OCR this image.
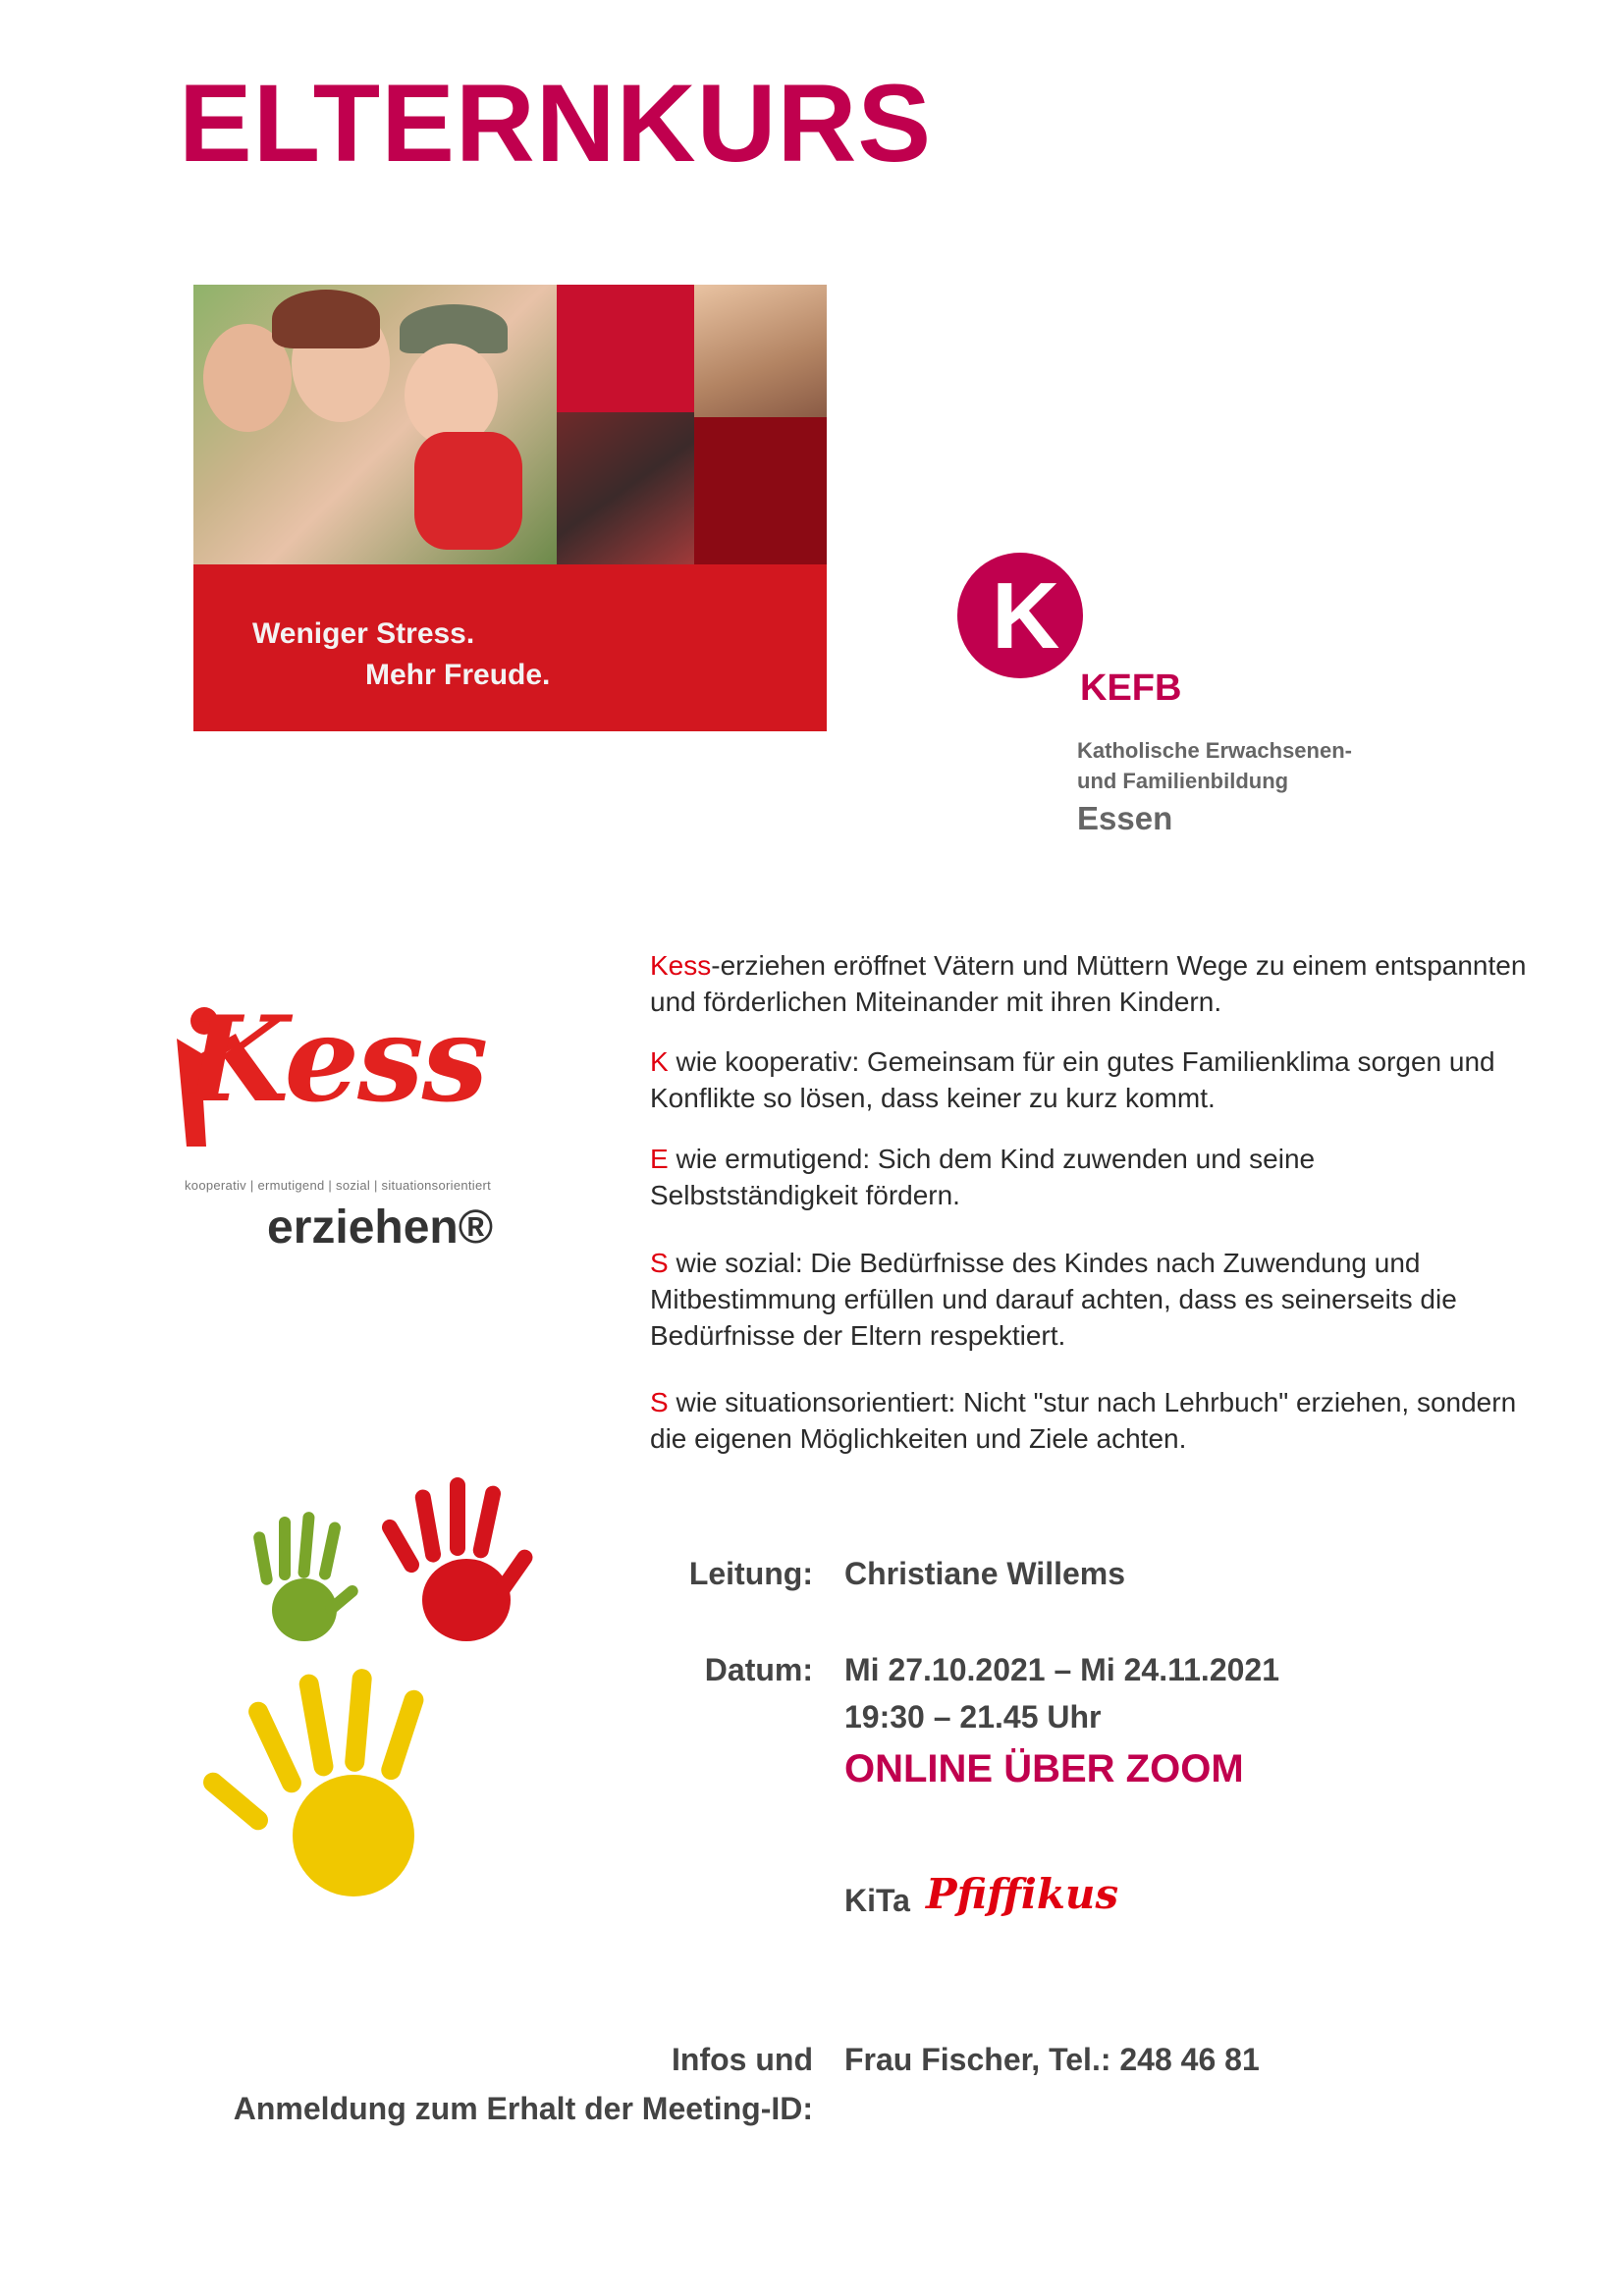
ELTERNKURS
Weniger Stress.
Mehr Freude.
K
KEFB
Katholische Erwachsenen-
und Familienbildung
Essen
Kess
kooperativ | ermutigend | sozial | situationsorientiert
erziehen®
Kess-erziehen eröffnet Vätern und Müttern Wege zu einem entspannten und förderlichen Miteinander mit ihren Kindern.
K wie kooperativ: Gemeinsam für ein gutes Familienklima sorgen und Konflikte so lösen, dass keiner zu kurz kommt.
E wie ermutigend: Sich dem Kind zuwenden und seine Selbstständigkeit fördern.
S wie sozial: Die Bedürfnisse des Kindes nach Zuwendung und Mitbestimmung erfüllen und darauf achten, dass es seinerseits die Bedürfnisse der Eltern respektiert.
S wie situationsorientiert: Nicht "stur nach Lehrbuch" erziehen, sondern die eigenen Möglichkeiten und Ziele achten.
Leitung: Christiane Willems
Datum: Mi 27.10.2021 – Mi 24.11.2021
19:30 – 21.45 Uhr
ONLINE ÜBER ZOOM
KiTa Pfiffikus
Infos und
Anmeldung zum Erhalt der Meeting-ID:
Frau Fischer, Tel.: 248 46 81
